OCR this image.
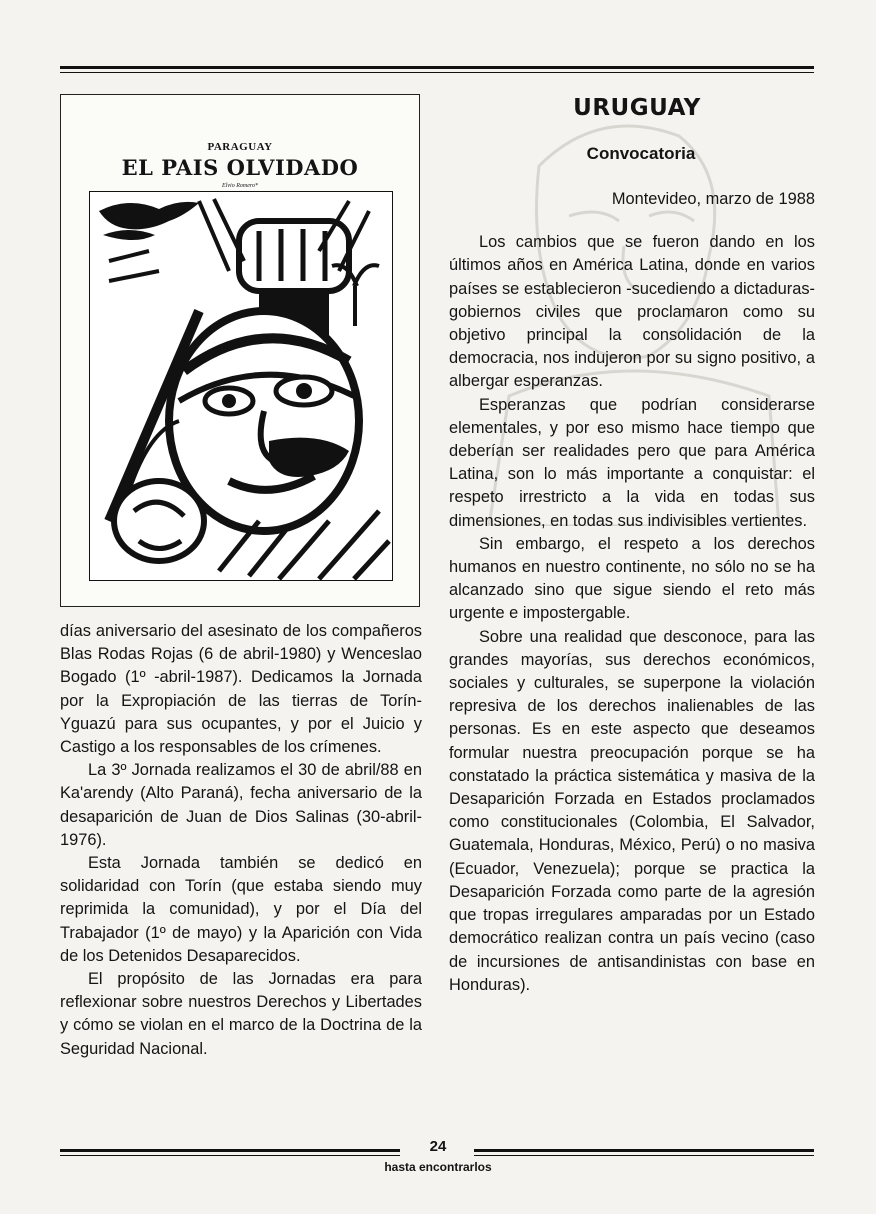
PARAGUAY
EL PAIS OLVIDADO
Elvio Romero*

días aniversario del asesinato de los compañeros Blas Rodas Rojas (6 de abril-1980) y Wenceslao Bogado (1º -abril-1987). Dedicamos la Jornada por la Expropiación de las tierras de Torín-Yguazú para sus ocupantes, y por el Juicio y Castigo a los responsables de los crímenes.

La 3º Jornada realizamos el 30 de abril/88 en Ka'arendy (Alto Paraná), fecha aniversario de la desaparición de Juan de Dios Salinas (30-abril-1976).

Esta Jornada también se dedicó en solidaridad con Torín (que estaba siendo muy reprimida la comunidad), y por el Día del Trabajador (1º de mayo) y la Aparición con Vida de los Detenidos Desaparecidos.

El propósito de las Jornadas era para reflexionar sobre nuestros Derechos y Libertades y cómo se violan en el marco de la Doctrina de la Seguridad Nacional.

URUGUAY
Convocatoria
Montevideo, marzo de 1988

Los cambios que se fueron dando en los últimos años en América Latina, donde en varios países se establecieron -sucediendo a dictaduras- gobiernos civiles que proclamaron como su objetivo principal la consolidación de la democracia, nos indujeron por su signo positivo, a albergar esperanzas.

Esperanzas que podrían considerarse elementales, y por eso mismo hace tiempo que deberían ser realidades pero que para América Latina, son lo más importante a conquistar: el respeto irrestricto a la vida en todas sus dimensiones, en todas sus indivisibles vertientes.

Sin embargo, el respeto a los derechos humanos en nuestro continente, no sólo no se ha alcanzado sino que sigue siendo el reto más urgente e impostergable.

Sobre una realidad que desconoce, para las grandes mayorías, sus derechos económicos, sociales y culturales, se superpone la violación represiva de los derechos inalienables de las personas. Es en este aspecto que deseamos formular nuestra preocupación porque se ha constatado la práctica sistemática y masiva de la Desaparición Forzada en Estados proclamados como constitucionales (Colombia, El Salvador, Guatemala, Honduras, México, Perú) o no masiva (Ecuador, Venezuela); porque se practica la Desaparición Forzada como parte de la agresión que tropas irregulares amparadas por un Estado democrático realizan contra un país vecino (caso de incursiones de antisandinistas con base en Honduras).

24
hasta encontrarlos
